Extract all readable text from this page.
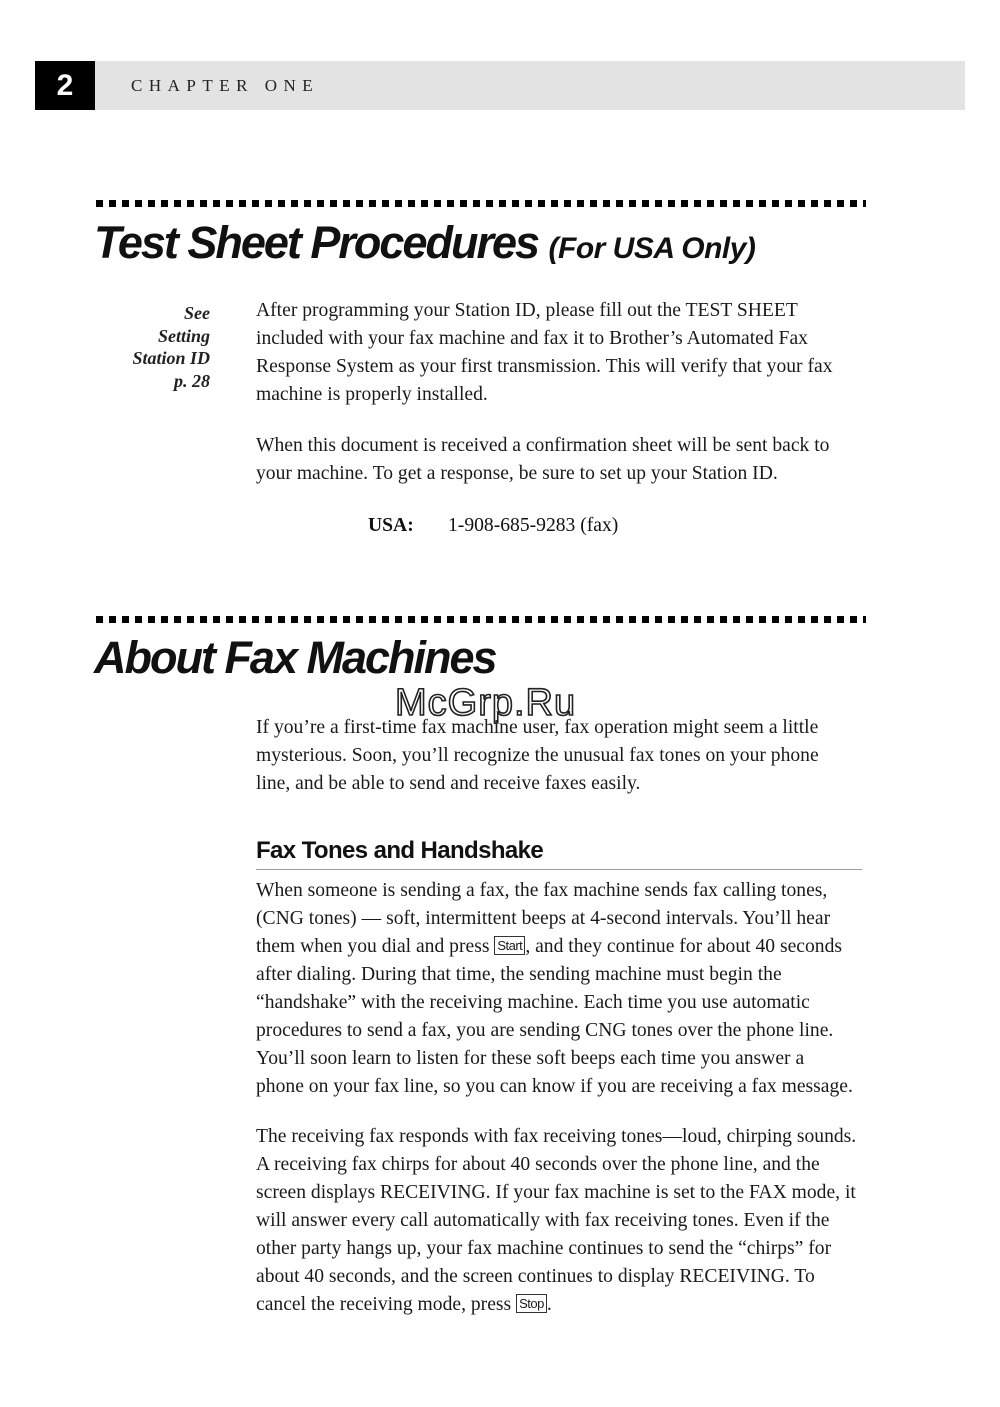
2	CHAPTER ONE
Test Sheet Procedures (For USA Only)
See
Setting
Station ID
p. 28

After programming your Station ID, please fill out the TEST SHEET
included with your fax machine and fax it to Brother’s Automated Fax
Response System as your first transmission. This will verify that your fax
machine is properly installed.

When this document is received a confirmation sheet will be sent back to
your machine. To get a response, be sure to set up your Station ID.

USA: 1-908-685-9283 (fax)
About Fax Machines

If you’re a first-time fax machine user, fax operation might seem a little
mysterious. Soon, you’ll recognize the unusual fax tones on your phone
line, and be able to send and receive faxes easily.

McGrp.Ru
Fax Tones and Handshake

When someone is sending a fax, the fax machine sends fax calling tones,
(CNG tones) — soft, intermittent beeps at 4-second intervals. You’ll hear
them when you dial and press Start , and they continue for about 40 seconds
after dialing. During that time, the sending machine must begin the
“handshake” with the receiving machine. Each time you use automatic
procedures to send a fax, you are sending CNG tones over the phone line.
You’ll soon learn to listen for these soft beeps each time you answer a
phone on your fax line, so you can know if you are receiving a fax message.

The receiving fax responds with fax receiving tones—loud, chirping sounds.
A receiving fax chirps for about 40 seconds over the phone line, and the
screen displays RECEIVING. If your fax machine is set to the FAX mode, it
will answer every call automatically with fax receiving tones. Even if the
other party hangs up, your fax machine continues to send the “chirps” for
about 40 seconds, and the screen continues to display RECEIVING. To
cancel the receiving mode, press Stop .
